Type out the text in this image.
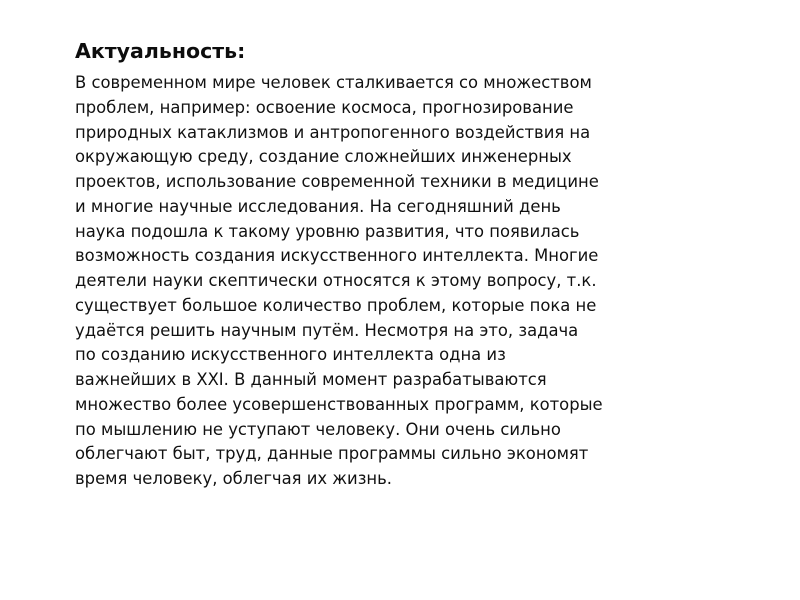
Актуальность:
В современном мире человек сталкивается со множеством
проблем, например: освоение космоса, прогнозирование
природных катаклизмов и антропогенного воздействия на
окружающую среду, создание сложнейших инженерных
проектов, использование современной техники в медицине
и многие научные исследования. На сегодняшний день
наука подошла к такому уровню развития, что появилась
возможность создания искусственного интеллекта. Многие
деятели науки скептически относятся к этому вопросу, т.к.
существует большое количество проблем, которые пока не
удаётся решить научным путём. Несмотря на это, задача
по созданию искусственного интеллекта одна из
важнейших в XXI. В данный момент разрабатываются
множество более усовершенствованных программ, которые
по мышлению не уступают человеку. Они очень сильно
облегчают быт, труд, данные программы сильно экономят
время человеку, облегчая их жизнь.
